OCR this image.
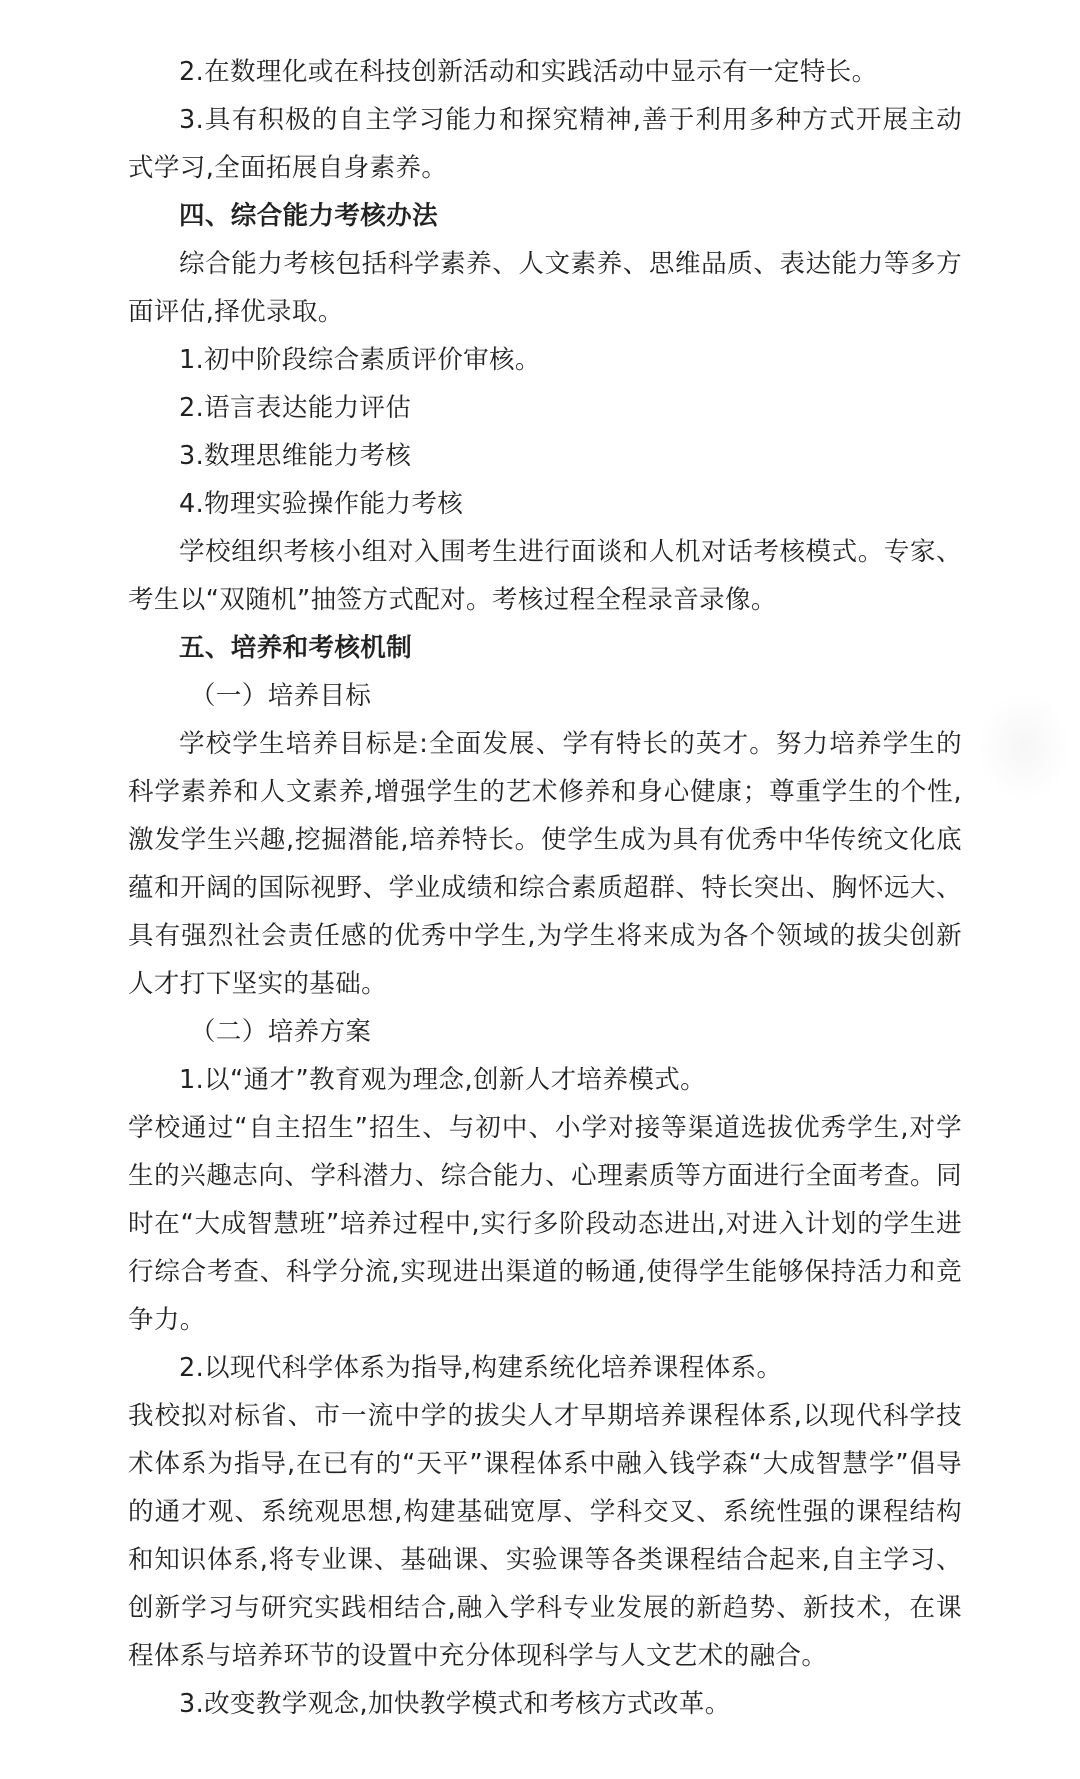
2.在数理化或在科技创新活动和实践活动中显示有一定特长。

3.具有积极的自主学习能力和探究精神,善于利用多种方式开展主动式学习,全面拓展自身素养。

四、综合能力考核办法

综合能力考核包括科学素养、人文素养、思维品质、表达能力等多方面评估,择优录取。

1.初中阶段综合素质评价审核。

2.语言表达能力评估

3.数理思维能力考核

4.物理实验操作能力考核

学校组织考核小组对入围考生进行面谈和人机对话考核模式。专家、考生以“双随机”抽签方式配对。考核过程全程录音录像。

五、培养和考核机制

（一）培养目标

学校学生培养目标是:全面发展、学有特长的英才。努力培养学生的科学素养和人文素养,增强学生的艺术修养和身心健康；尊重学生的个性,激发学生兴趣,挖掘潜能,培养特长。使学生成为具有优秀中华传统文化底蕴和开阔的国际视野、学业成绩和综合素质超群、特长突出、胸怀远大、具有强烈社会责任感的优秀中学生,为学生将来成为各个领域的拔尖创新人才打下坚实的基础。

（二）培养方案

1.以“通才”教育观为理念,创新人才培养模式。

学校通过“自主招生”招生、与初中、小学对接等渠道选拔优秀学生,对学生的兴趣志向、学科潜力、综合能力、心理素质等方面进行全面考查。同时在“大成智慧班”培养过程中,实行多阶段动态进出,对进入计划的学生进行综合考查、科学分流,实现进出渠道的畅通,使得学生能够保持活力和竞争力。

2.以现代科学体系为指导,构建系统化培养课程体系。

我校拟对标省、市一流中学的拔尖人才早期培养课程体系,以现代科学技术体系为指导,在已有的“天平”课程体系中融入钱学森“大成智慧学”倡导的通才观、系统观思想,构建基础宽厚、学科交叉、系统性强的课程结构和知识体系,将专业课、基础课、实验课等各类课程结合起来,自主学习、创新学习与研究实践相结合,融入学科专业发展的新趋势、新技术，在课程体系与培养环节的设置中充分体现科学与人文艺术的融合。

3.改变教学观念,加快教学模式和考核方式改革。
